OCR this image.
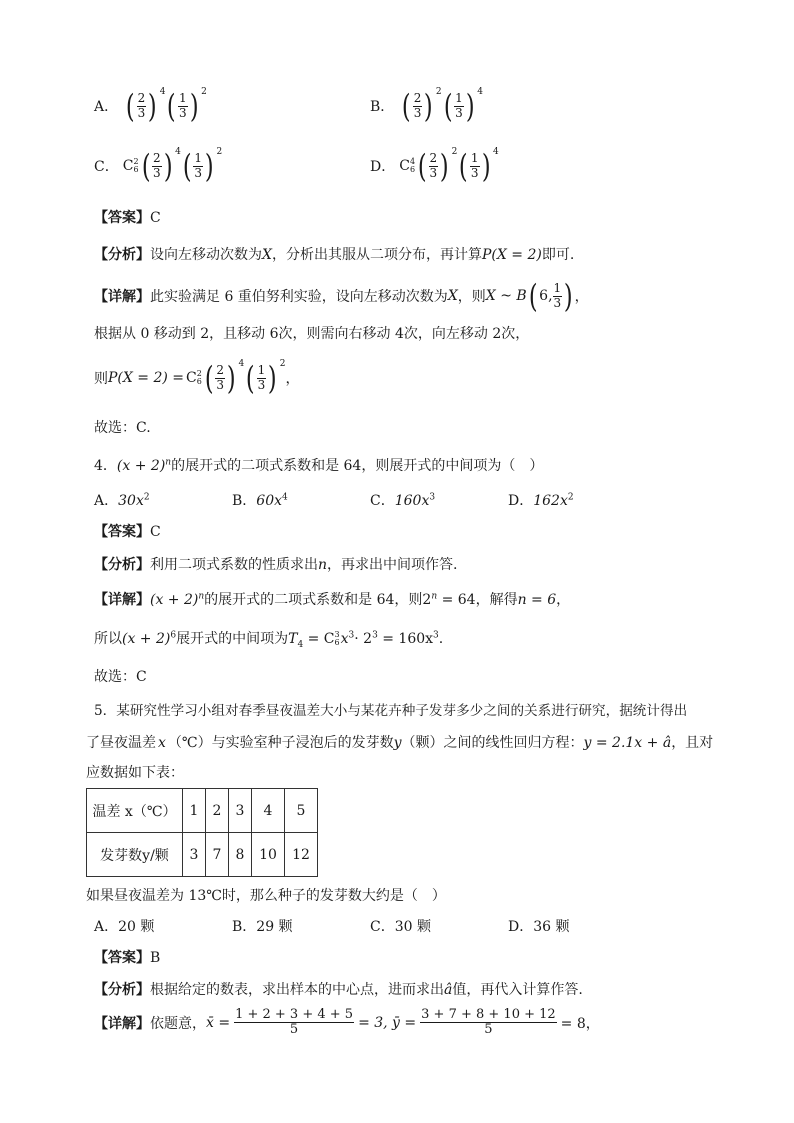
A． ( $\frac{2}{3}$ ) 4 ( $\frac{1}{3}$ ) 2
B． ( $\frac{2}{3}$ ) 2 ( $\frac{1}{3}$ ) 4
C． C 2
6 ( $\frac{2}{3}$ ) 4 ( $\frac{1}{3}$ ) 2
D． C 4
6 ( $\frac{2}{3}$ ) 2 ( $\frac{1}{3}$ ) 4
【答案】C
【分析】设向左移动次数为X，分析出其服从二项分布，再计算P(X = 2)即可.
【详解】 此实验满足 6 重伯努利实验，设向左移动次数为 X ，则 X ~ B ( 6, $\frac{1}{3}$ ) ，
根据从 0 移动到 2，且移动 6次，则需向右移动 4次，向左移动 2次，
则 P(X = 2) = C 2
6 ( $\frac{2}{3}$ ) 4 ( $\frac{1}{3}$ ) 2
，
故选：C.
4．$(x + 2)^n$的展开式的二项式系数和是 64，则展开式的中间项为（　）
A．$30x^2$	B．$60x^4$	C．$160x^3$	D．$162x^2$
【答案】C
【分析】利用二项式系数的性质求出n，再求出中间项作答.
【详解】$(x + 2)^n$的展开式的二项式系数和是 64，则$2^n = 64$，解得n = 6，
所以$(x + 2)^6$展开式的中间项为$T_4 = C$ 3
6 $x^3\cdot 2^3 = 160x^3$.
故选：C
5．某研究性学习小组对春季昼夜温差大小与某花卉种子发芽多少之间的关系进行研究，据统计得出
了昼夜温差 x （℃）与实验室种子浸泡后的发芽数y（颗）之间的线性回归方程：y = 2.1x + â，且对
应数据如下表：
温差 x（℃）	1	2	3	4	5
发芽数y/颗	3	7	8	10	12
如果昼夜温差为 13℃时，那么种子的发芽数大约是（　）
A．20 颗	B．29 颗	C．30 颗	D．36 颗
【答案】B
【分析】根据给定的数表，求出样本的中心点，进而求出â值，再代入计算作答.
【详解】 依题意， x̄ = $\frac{1 + 2 + 3 + 4 + 5}{5} = 3$, ȳ = $\frac{3 + 7 + 8 + 10 + 12}{5} = 8$，
